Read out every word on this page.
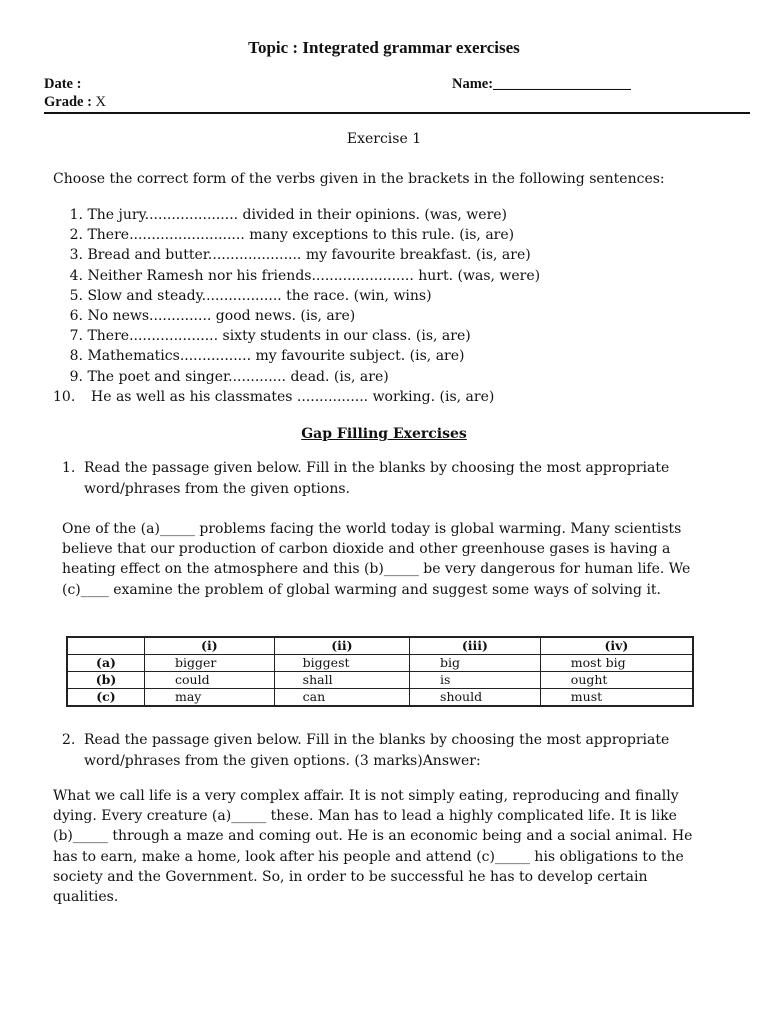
Topic : Integrated grammar exercises
Date :
Grade : X
Name:___________________
Exercise 1
Choose the correct form of the verbs given in the brackets in the following sentences:
1. The jury..................... divided in their opinions. (was, were)
2. There.......................... many exceptions to this rule. (is, are)
3. Bread and butter..................... my favourite breakfast. (is, are)
4. Neither Ramesh nor his friends....................... hurt. (was, were)
5. Slow and steady.................. the race. (win, wins)
6. No news.............. good news. (is, are)
7. There.................... sixty students in our class. (is, are)
8. Mathematics................ my favourite subject. (is, are)
9. The poet and singer............. dead. (is, are)
10. He as well as his classmates ................ working. (is, are)
Gap Filling Exercises
1. Read the passage given below. Fill in the blanks by choosing the most appropriate
word/phrases from the given options.
One of the (a)_____ problems facing the world today is global warming. Many scientists
believe that our production of carbon dioxide and other greenhouse gases is having a
heating effect on the atmosphere and this (b)_____ be very dangerous for human life. We
(c)____ examine the problem of global warming and suggest some ways of solving it.
	(i)	(ii)	(iii)	(iv)
(a)	bigger	biggest	big	most big
(b)	could	shall	is	ought
(c)	may	can	should	must
2. Read the passage given below. Fill in the blanks by choosing the most appropriate
word/phrases from the given options. (3 marks)Answer:
What we call life is a very complex affair. It is not simply eating, reproducing and finally
dying. Every creature (a)_____ these. Man has to lead a highly complicated life. It is like
(b)_____ through a maze and coming out. He is an economic being and a social animal. He
has to earn, make a home, look after his people and attend (c)_____ his obligations to the
society and the Government. So, in order to be successful he has to develop certain
qualities.
